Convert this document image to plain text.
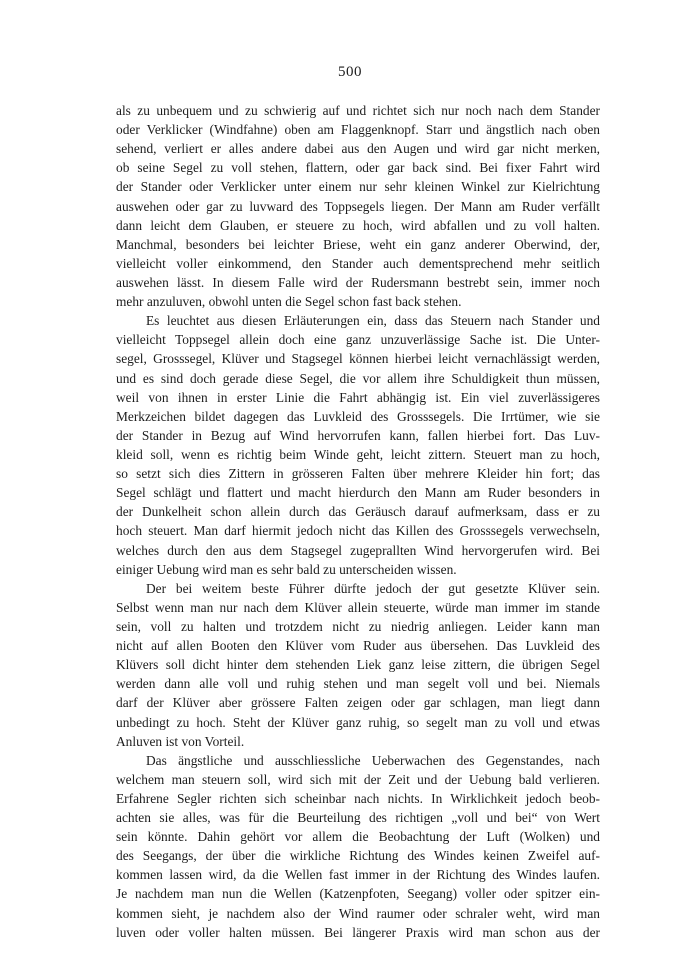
500
als zu unbequem und zu schwierig auf und richtet sich nur noch nach dem Stander
oder Verklicker (Windfahne) oben am Flaggenknopf. Starr und ängstlich nach oben
sehend, verliert er alles andere dabei aus den Augen und wird gar nicht merken,
ob seine Segel zu voll stehen, flattern, oder gar back sind. Bei fixer Fahrt wird
der Stander oder Verklicker unter einem nur sehr kleinen Winkel zur Kielrichtung
auswehen oder gar zu luvward des Toppsegels liegen. Der Mann am Ruder verfällt
dann leicht dem Glauben, er steuere zu hoch, wird abfallen und zu voll halten.
Manchmal, besonders bei leichter Briese, weht ein ganz anderer Oberwind, der,
vielleicht voller einkommend, den Stander auch dementsprechend mehr seitlich
auswehen lässt. In diesem Falle wird der Rudersmann bestrebt sein, immer noch
mehr anzuluven, obwohl unten die Segel schon fast back stehen.
Es leuchtet aus diesen Erläuterungen ein, dass das Steuern nach Stander und
vielleicht Toppsegel allein doch eine ganz unzuverlässige Sache ist. Die Unter-
segel, Grosssegel, Klüver und Stagsegel können hierbei leicht vernachlässigt werden,
und es sind doch gerade diese Segel, die vor allem ihre Schuldigkeit thun müssen,
weil von ihnen in erster Linie die Fahrt abhängig ist. Ein viel zuverlässigeres
Merkzeichen bildet dagegen das Luvkleid des Grosssegels. Die Irrtümer, wie sie
der Stander in Bezug auf Wind hervorrufen kann, fallen hierbei fort. Das Luv-
kleid soll, wenn es richtig beim Winde geht, leicht zittern. Steuert man zu hoch,
so setzt sich dies Zittern in grösseren Falten über mehrere Kleider hin fort; das
Segel schlägt und flattert und macht hierdurch den Mann am Ruder besonders in
der Dunkelheit schon allein durch das Geräusch darauf aufmerksam, dass er zu
hoch steuert. Man darf hiermit jedoch nicht das Killen des Grosssegels verwechseln,
welches durch den aus dem Stagsegel zugeprallten Wind hervorgerufen wird. Bei
einiger Uebung wird man es sehr bald zu unterscheiden wissen.
Der bei weitem beste Führer dürfte jedoch der gut gesetzte Klüver sein.
Selbst wenn man nur nach dem Klüver allein steuerte, würde man immer im stande
sein, voll zu halten und trotzdem nicht zu niedrig anliegen. Leider kann man
nicht auf allen Booten den Klüver vom Ruder aus übersehen. Das Luvkleid des
Klüvers soll dicht hinter dem stehenden Liek ganz leise zittern, die übrigen Segel
werden dann alle voll und ruhig stehen und man segelt voll und bei. Niemals
darf der Klüver aber grössere Falten zeigen oder gar schlagen, man liegt dann
unbedingt zu hoch. Steht der Klüver ganz ruhig, so segelt man zu voll und etwas
Anluven ist von Vorteil.
Das ängstliche und ausschliessliche Ueberwachen des Gegenstandes, nach
welchem man steuern soll, wird sich mit der Zeit und der Uebung bald verlieren.
Erfahrene Segler richten sich scheinbar nach nichts. In Wirklichkeit jedoch beob-
achten sie alles, was für die Beurteilung des richtigen „voll und bei“ von Wert
sein könnte. Dahin gehört vor allem die Beobachtung der Luft (Wolken) und
des Seegangs, der über die wirkliche Richtung des Windes keinen Zweifel auf-
kommen lassen wird, da die Wellen fast immer in der Richtung des Windes laufen.
Je nachdem man nun die Wellen (Katzenpfoten, Seegang) voller oder spitzer ein-
kommen sieht, je nachdem also der Wind raumer oder schraler weht, wird man
luven oder voller halten müssen. Bei längerer Praxis wird man schon aus der
